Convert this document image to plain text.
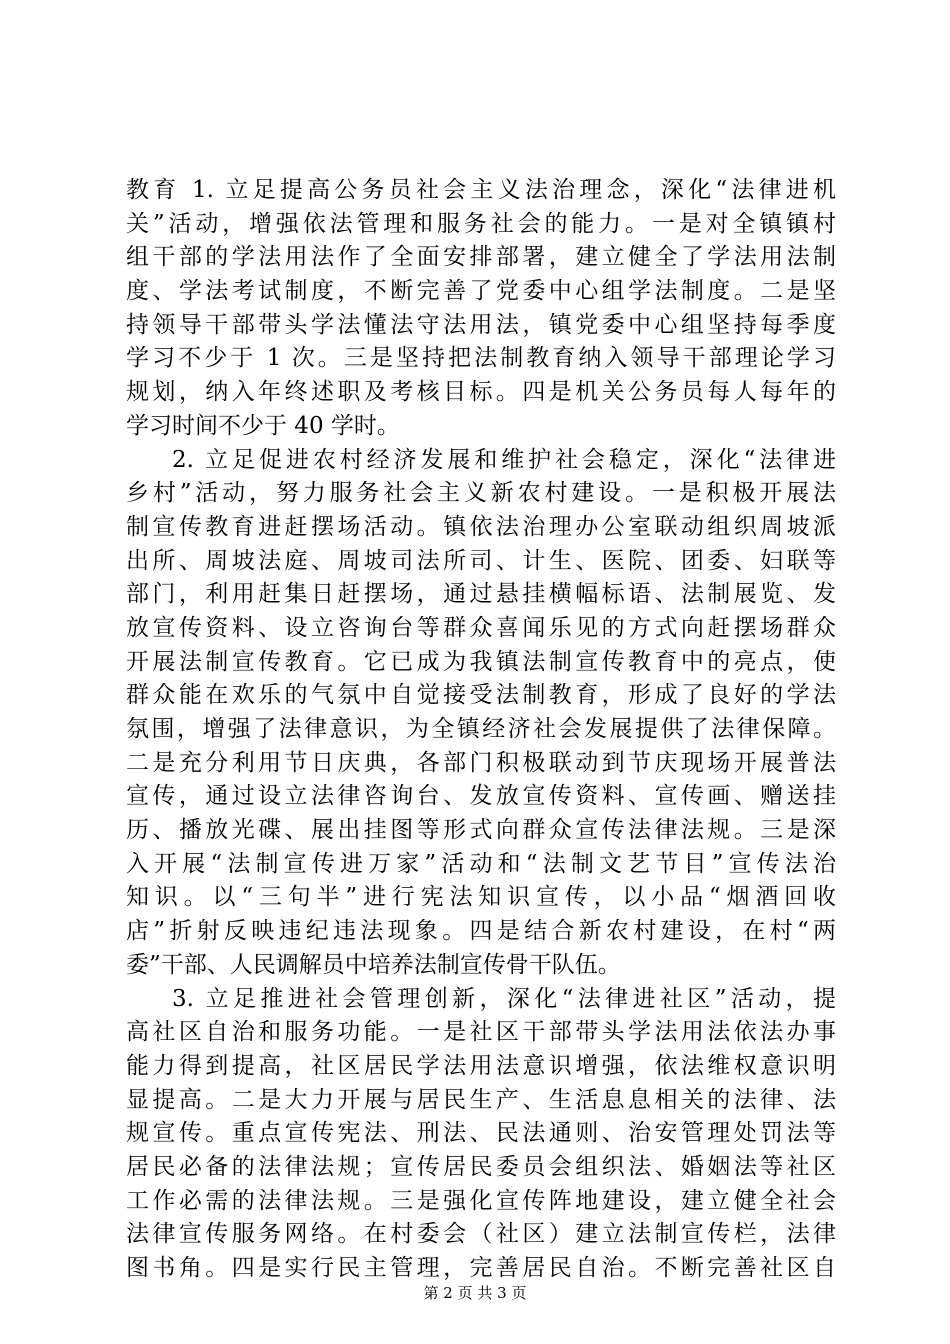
教育 1. 立足提高公务员社会主义法治理念，深化“法律进机
关”活动，增强依法管理和服务社会的能力。一是对全镇镇村
组干部的学法用法作了全面安排部署，建立健全了学法用法制
度、学法考试制度，不断完善了党委中心组学法制度。二是坚
持领导干部带头学法懂法守法用法，镇党委中心组坚持每季度
学习不少于 1 次。三是坚持把法制教育纳入领导干部理论学习
规划，纳入年终述职及考核目标。四是机关公务员每人每年的
学习时间不少于 40 学时。
2. 立足促进农村经济发展和维护社会稳定，深化“法律进
乡村”活动，努力服务社会主义新农村建设。一是积极开展法
制宣传教育进赶摆场活动。镇依法治理办公室联动组织周坡派
出所、周坡法庭、周坡司法所司、计生、医院、团委、妇联等
部门，利用赶集日赶摆场，通过悬挂横幅标语、法制展览、发
放宣传资料、设立咨询台等群众喜闻乐见的方式向赶摆场群众
开展法制宣传教育。它已成为我镇法制宣传教育中的亮点，使
群众能在欢乐的气氛中自觉接受法制教育，形成了良好的学法
氛围，增强了法律意识，为全镇经济社会发展提供了法律保障。
二是充分利用节日庆典，各部门积极联动到节庆现场开展普法
宣传，通过设立法律咨询台、发放宣传资料、宣传画、赠送挂
历、播放光碟、展出挂图等形式向群众宣传法律法规。三是深
入开展“法制宣传进万家”活动和“法制文艺节目”宣传法治
知识。以“三句半”进行宪法知识宣传，以小品“烟酒回收
店”折射反映违纪违法现象。四是结合新农村建设，在村“两
委”干部、人民调解员中培养法制宣传骨干队伍。
3. 立足推进社会管理创新，深化“法律进社区”活动，提
高社区自治和服务功能。一是社区干部带头学法用法依法办事
能力得到提高，社区居民学法用法意识增强，依法维权意识明
显提高。二是大力开展与居民生产、生活息息相关的法律、法
规宣传。重点宣传宪法、刑法、民法通则、治安管理处罚法等
居民必备的法律法规；宣传居民委员会组织法、婚姻法等社区
工作必需的法律法规。三是强化宣传阵地建设，建立健全社会
法律宣传服务网络。在村委会（社区）建立法制宣传栏，法律
图书角。四是实行民主管理，完善居民自治。不断完善社区自
第 2 页 共 3 页
